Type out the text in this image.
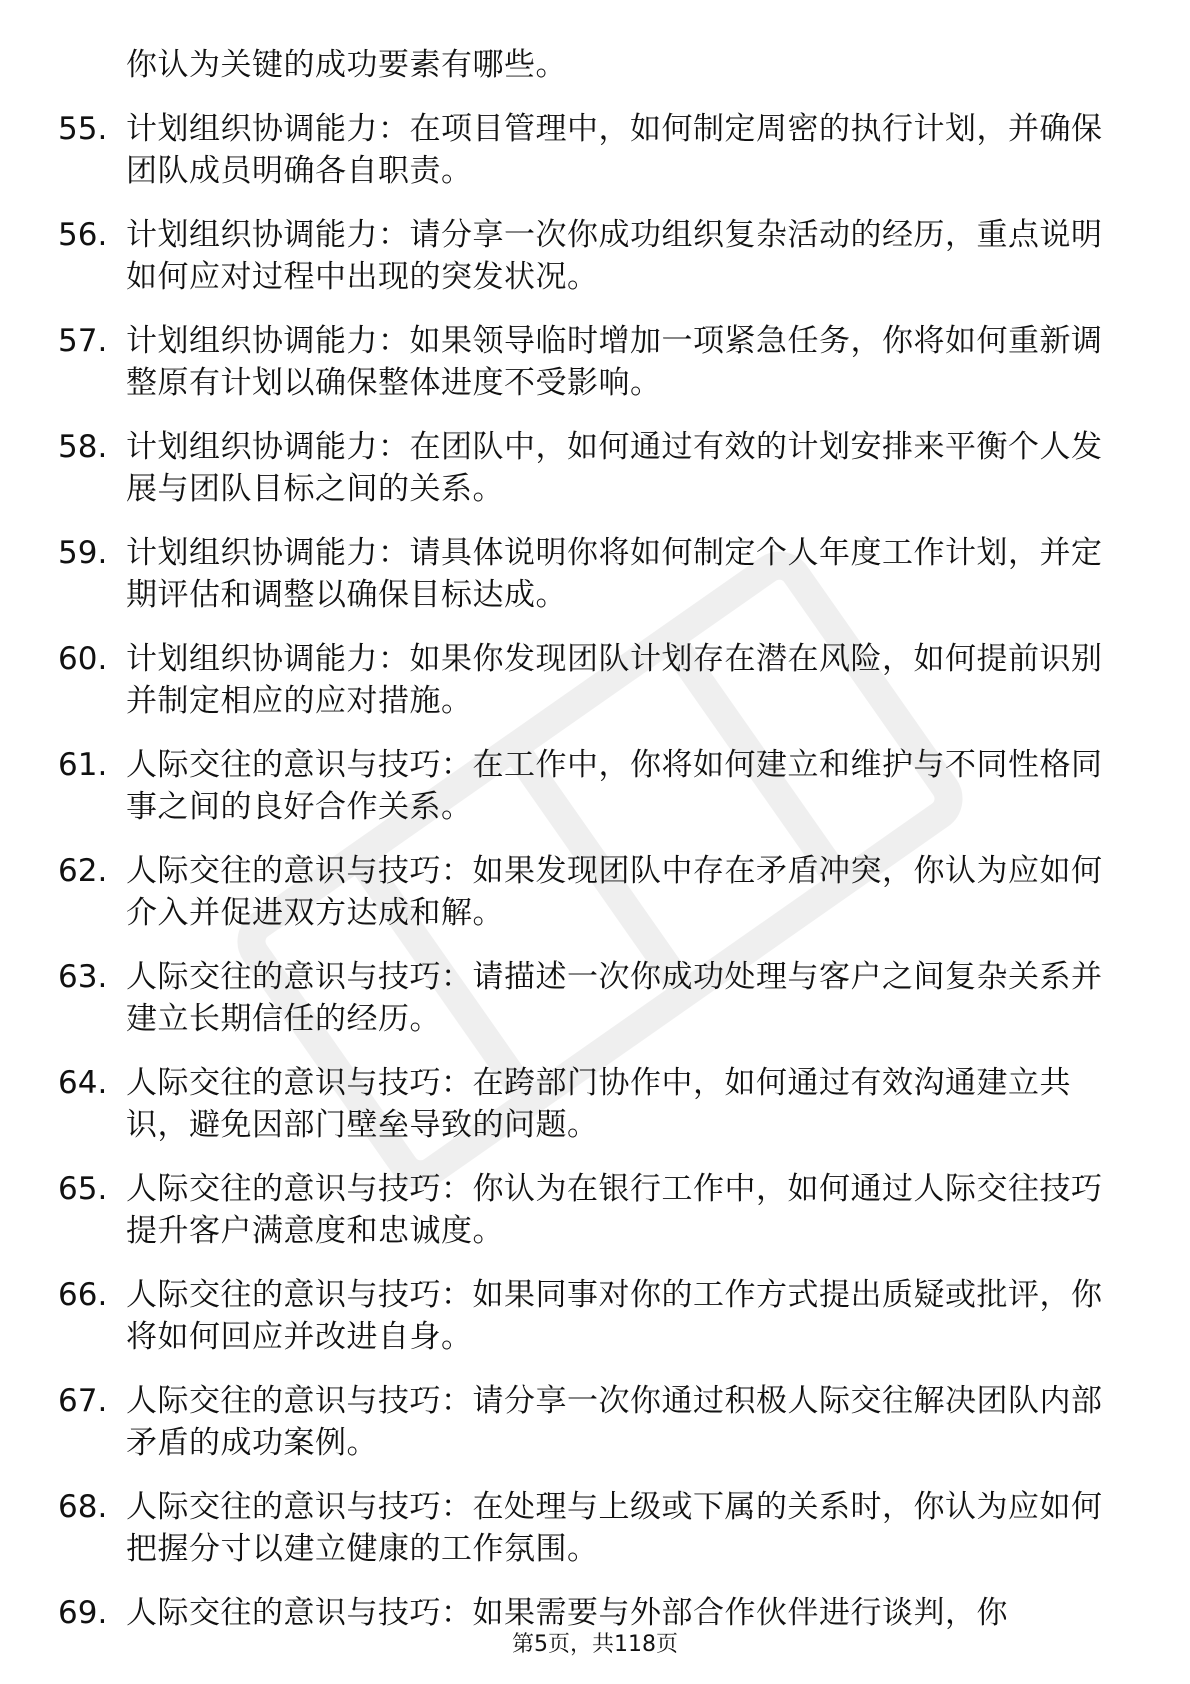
你认为关键的成功要素有哪些。
55. 计划组织协调能力：在项目管理中，如何制定周密的执行计划，并确保团队成员明确各自职责。
56. 计划组织协调能力：请分享一次你成功组织复杂活动的经历，重点说明如何应对过程中出现的突发状况。
57. 计划组织协调能力：如果领导临时增加一项紧急任务，你将如何重新调整原有计划以确保整体进度不受影响。
58. 计划组织协调能力：在团队中，如何通过有效的计划安排来平衡个人发展与团队目标之间的关系。
59. 计划组织协调能力：请具体说明你将如何制定个人年度工作计划，并定期评估和调整以确保目标达成。
60. 计划组织协调能力：如果你发现团队计划存在潜在风险，如何提前识别并制定相应的应对措施。
61. 人际交往的意识与技巧：在工作中，你将如何建立和维护与不同性格同事之间的良好合作关系。
62. 人际交往的意识与技巧：如果发现团队中存在矛盾冲突，你认为应如何介入并促进双方达成和解。
63. 人际交往的意识与技巧：请描述一次你成功处理与客户之间复杂关系并建立长期信任的经历。
64. 人际交往的意识与技巧：在跨部门协作中，如何通过有效沟通建立共识，避免因部门壁垒导致的问题。
65. 人际交往的意识与技巧：你认为在银行工作中，如何通过人际交往技巧提升客户满意度和忠诚度。
66. 人际交往的意识与技巧：如果同事对你的工作方式提出质疑或批评，你将如何回应并改进自身。
67. 人际交往的意识与技巧：请分享一次你通过积极人际交往解决团队内部矛盾的成功案例。
68. 人际交往的意识与技巧：在处理与上级或下属的关系时，你认为应如何把握分寸以建立健康的工作氛围。
69. 人际交往的意识与技巧：如果需要与外部合作伙伴进行谈判，你
第5页，共118页
